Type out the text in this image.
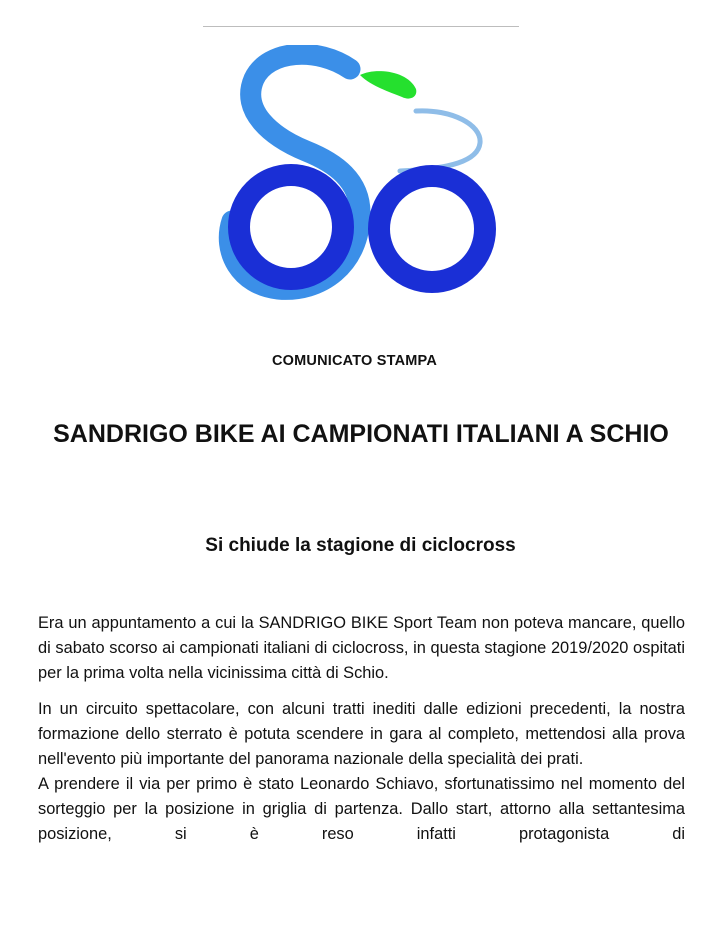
COMUNICATO STAMPA
SANDRIGO BIKE AI CAMPIONATI ITALIANI A SCHIO
Si chiude la stagione di ciclocross

Era un appuntamento a cui la SANDRIGO BIKE Sport Team non poteva mancare, quello di sabato scorso ai campionati italiani di ciclocross, in questa stagione 2019/2020 ospitati per la prima volta nella vicinissima città di Schio.

In un circuito spettacolare, con alcuni tratti inediti dalle edizioni precedenti, la nostra formazione dello sterrato è potuta scendere in gara al completo, mettendosi alla prova nell'evento più importante del panorama nazionale della specialità dei prati.

A prendere il via per primo è stato Leonardo Schiavo, sfortunatissimo nel momento del sorteggio per la posizione in griglia di partenza. Dallo start, attorno alla settantesima posizione, si è reso infatti protagonista di
